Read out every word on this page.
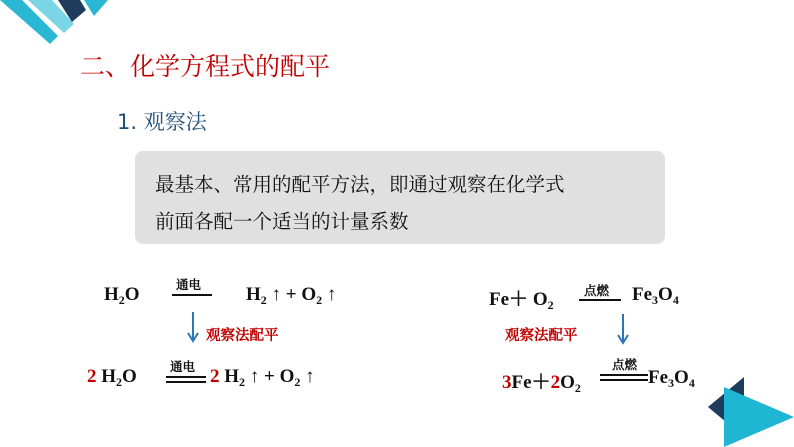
二、化学方程式的配平
1. 观察法
最基本、常用的配平方法，即通过观察在化学式
前面各配一个适当的计量系数
$H_2O$	通电 $H_2$ ↑ + $O_2$ ↑
观察法配平
2 $H_2O$	通电 2 $H_2$ ↑ + $O_2$ ↑
$Fe+ O_2$
点燃 $Fe_3O_4$
观察法配平
$3Fe+2O_2$
点燃
$Fe_3O_4$
